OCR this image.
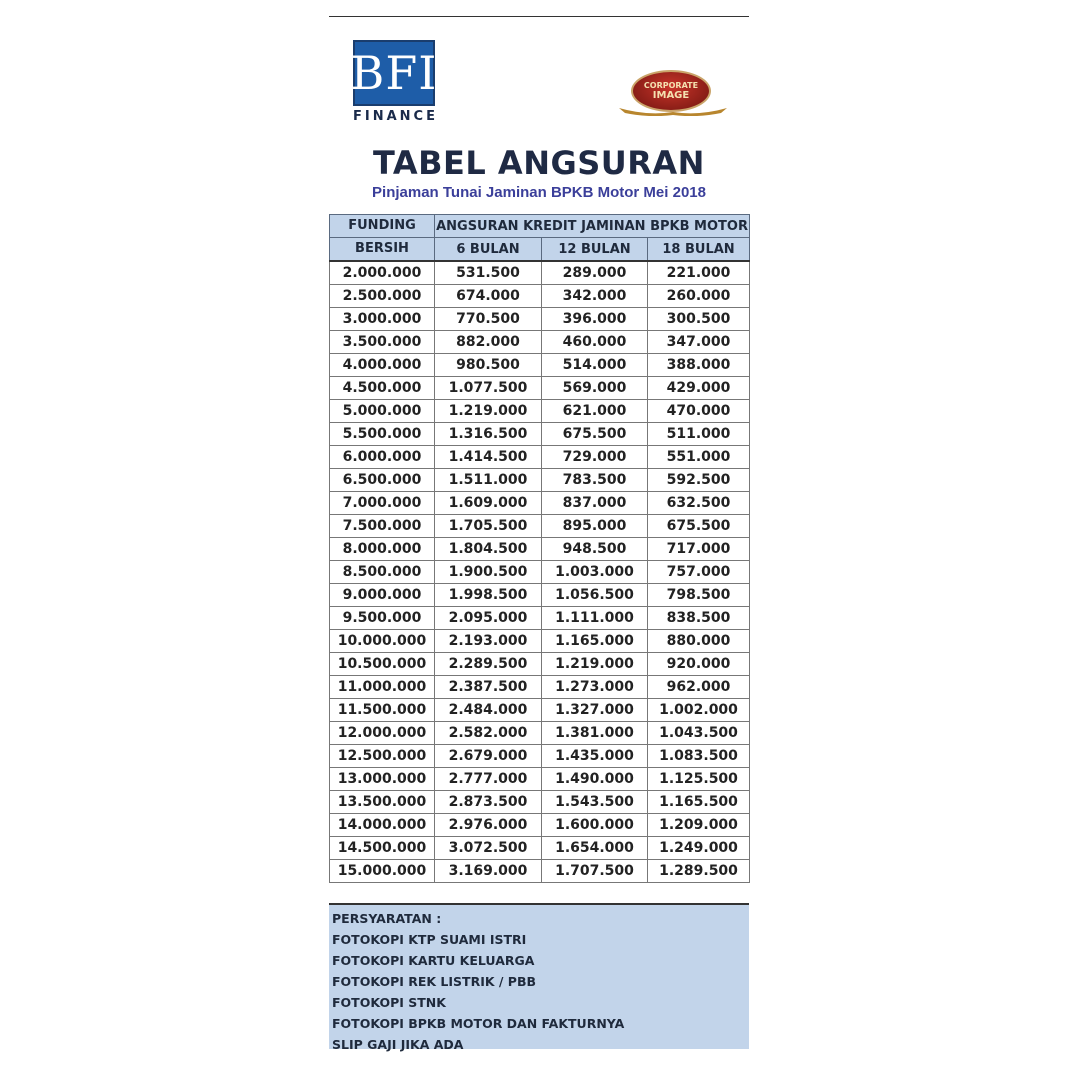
BFI
FINANCE
CORPORATE
IMAGE
TABEL ANGSURAN
Pinjaman Tunai Jaminan BPKB Motor Mei 2018
FUNDING	ANGSURAN KREDIT JAMINAN BPKB MOTOR		
BERSIH	6 BULAN	12 BULAN	18 BULAN
2.000.000	531.500	289.000	221.000
2.500.000	674.000	342.000	260.000
3.000.000	770.500	396.000	300.500
3.500.000	882.000	460.000	347.000
4.000.000	980.500	514.000	388.000
4.500.000	1.077.500	569.000	429.000
5.000.000	1.219.000	621.000	470.000
5.500.000	1.316.500	675.500	511.000
6.000.000	1.414.500	729.000	551.000
6.500.000	1.511.000	783.500	592.500
7.000.000	1.609.000	837.000	632.500
7.500.000	1.705.500	895.000	675.500
8.000.000	1.804.500	948.500	717.000
8.500.000	1.900.500	1.003.000	757.000
9.000.000	1.998.500	1.056.500	798.500
9.500.000	2.095.000	1.111.000	838.500
10.000.000	2.193.000	1.165.000	880.000
10.500.000	2.289.500	1.219.000	920.000
11.000.000	2.387.500	1.273.000	962.000
11.500.000	2.484.000	1.327.000	1.002.000
12.000.000	2.582.000	1.381.000	1.043.500
12.500.000	2.679.000	1.435.000	1.083.500
13.000.000	2.777.000	1.490.000	1.125.500
13.500.000	2.873.500	1.543.500	1.165.500
14.000.000	2.976.000	1.600.000	1.209.000
14.500.000	3.072.500	1.654.000	1.249.000
15.000.000	3.169.000	1.707.500	1.289.500
PERSYARATAN :
FOTOKOPI KTP SUAMI ISTRI
FOTOKOPI KARTU KELUARGA
FOTOKOPI REK LISTRIK / PBB
FOTOKOPI STNK
FOTOKOPI BPKB MOTOR DAN FAKTURNYA
SLIP GAJI JIKA ADA
